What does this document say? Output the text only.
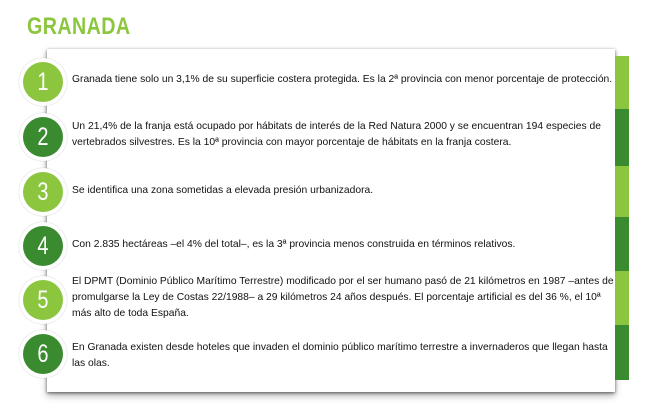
GRANADA
1 Granada tiene solo un 3,1% de su superficie costera protegida. Es la 2ª provincia con menor porcentaje de protección.
2 Un 21,4% de la franja está ocupado por hábitats de interés de la Red Natura 2000 y se encuentran 194 especies de vertebrados silvestres. Es la 10ª provincia con mayor porcentaje de hábitats en la franja costera.
3 Se identifica una zona sometidas a elevada presión urbanizadora.
4 Con 2.835 hectáreas –el 4% del total–, es la 3ª provincia menos construida en términos relativos.
5
El DPMT (Dominio Público Marítimo Terrestre) modificado por el ser humano pasó de 21 kilómetros en 1987 –antes de promulgarse la Ley de Costas 22/1988– a 29 kilómetros 24 años después. El porcentaje artificial es del 36 %, el 10ª más alto de toda España.
6 En Granada existen desde hoteles que invaden el dominio público marítimo terrestre a invernaderos que llegan hasta las olas.
